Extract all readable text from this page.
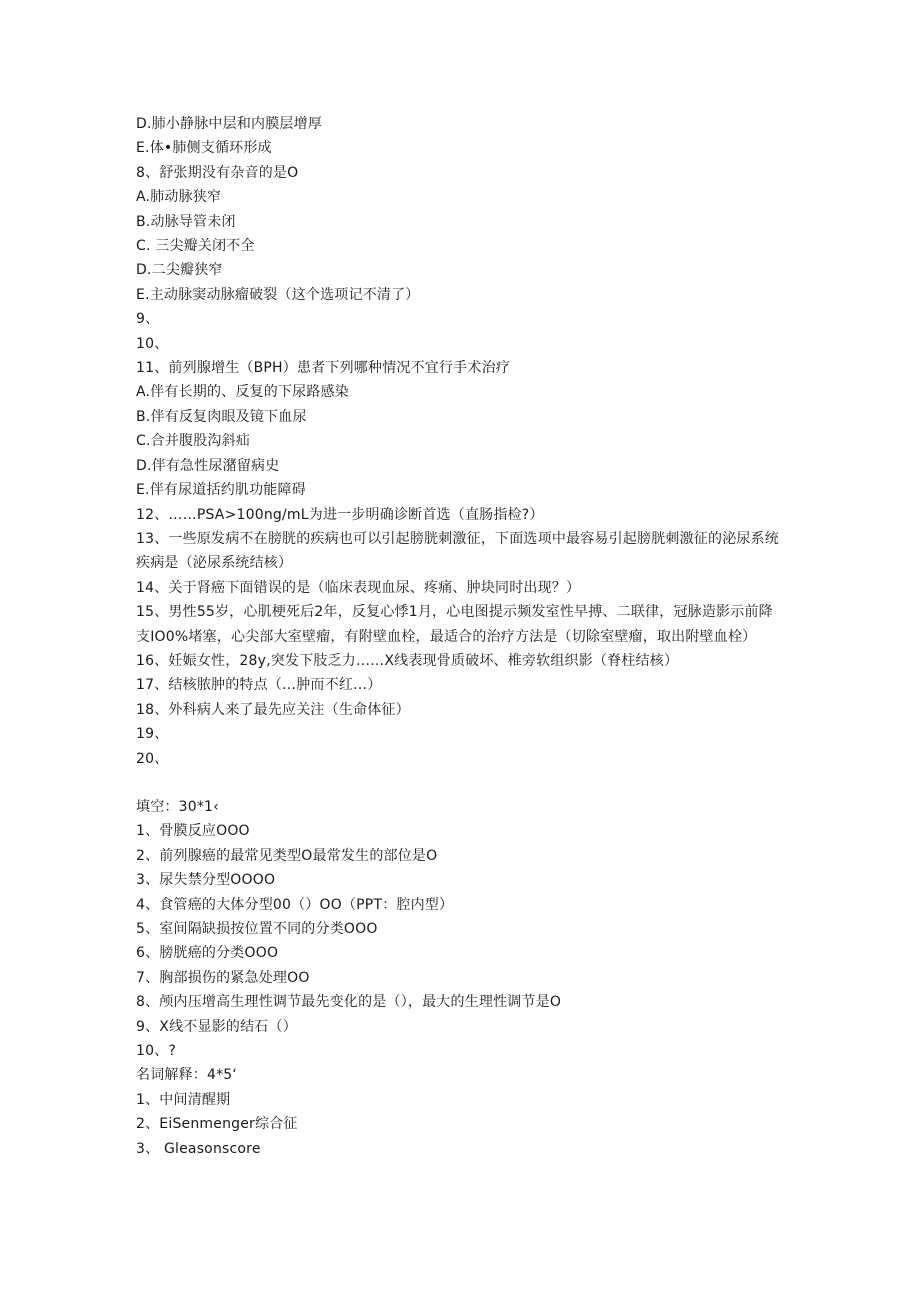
D.肺小静脉中层和内膜层增厚
E.体•肺侧支循环形成
8、舒张期没有杂音的是O
A.肺动脉狭窄
B.动脉导管未闭
C. 三尖瓣关闭不全
D.二尖瓣狭窄
E.主动脉窦动脉瘤破裂（这个选项记不清了）
9、
10、
11、前列腺增生（BPH）患者下列哪种情况不宜行手术治疗
A.伴有长期的、反复的下尿路感染
B.伴有反复肉眼及镜下血尿
C.合并腹股沟斜疝
D.伴有急性尿潴留病史
E.伴有尿道括约肌功能障碍
12、……PSA>100ng/mL为进一步明确诊断首选（直肠指检?）
13、一些原发病不在膀胱的疾病也可以引起膀胱刺激征，下面选项中最容易引起膀胱刺激征的泌尿系统疾病是（泌尿系统结核）
14、关于肾癌下面错误的是（临床表现血尿、疼痛、肿块同时出现？）
15、男性55岁，心肌梗死后2年，反复心悸1月，心电图提示频发室性早搏、二联律，冠脉造影示前降支IO0%堵塞，心尖部大室壁瘤，有附壁血栓，最适合的治疗方法是（切除室壁瘤，取出附壁血栓）
16、妊娠女性，28y,突发下肢乏力……X线表现骨质破坏、椎旁软组织影（脊柱结核）
17、结核脓肿的特点（…肿而不红…）
18、外科病人来了最先应关注（生命体征）
19、
20、
填空：30*1‹
1、骨膜反应OOO
2、前列腺癌的最常见类型O最常发生的部位是O
3、尿失禁分型OOOO
4、食管癌的大体分型00（）OO（PPT：腔内型）
5、室间隔缺损按位置不同的分类OOO
6、膀胱癌的分类OOO
7、胸部损伤的紧急处理OO
8、颅内压增高生理性调节最先变化的是（），最大的生理性调节是O
9、X线不显影的结石（）
10、?
名词解释：4*5‘
1、中间清醒期
2、EiSenmenger综合征
3、 Gleasonscore
